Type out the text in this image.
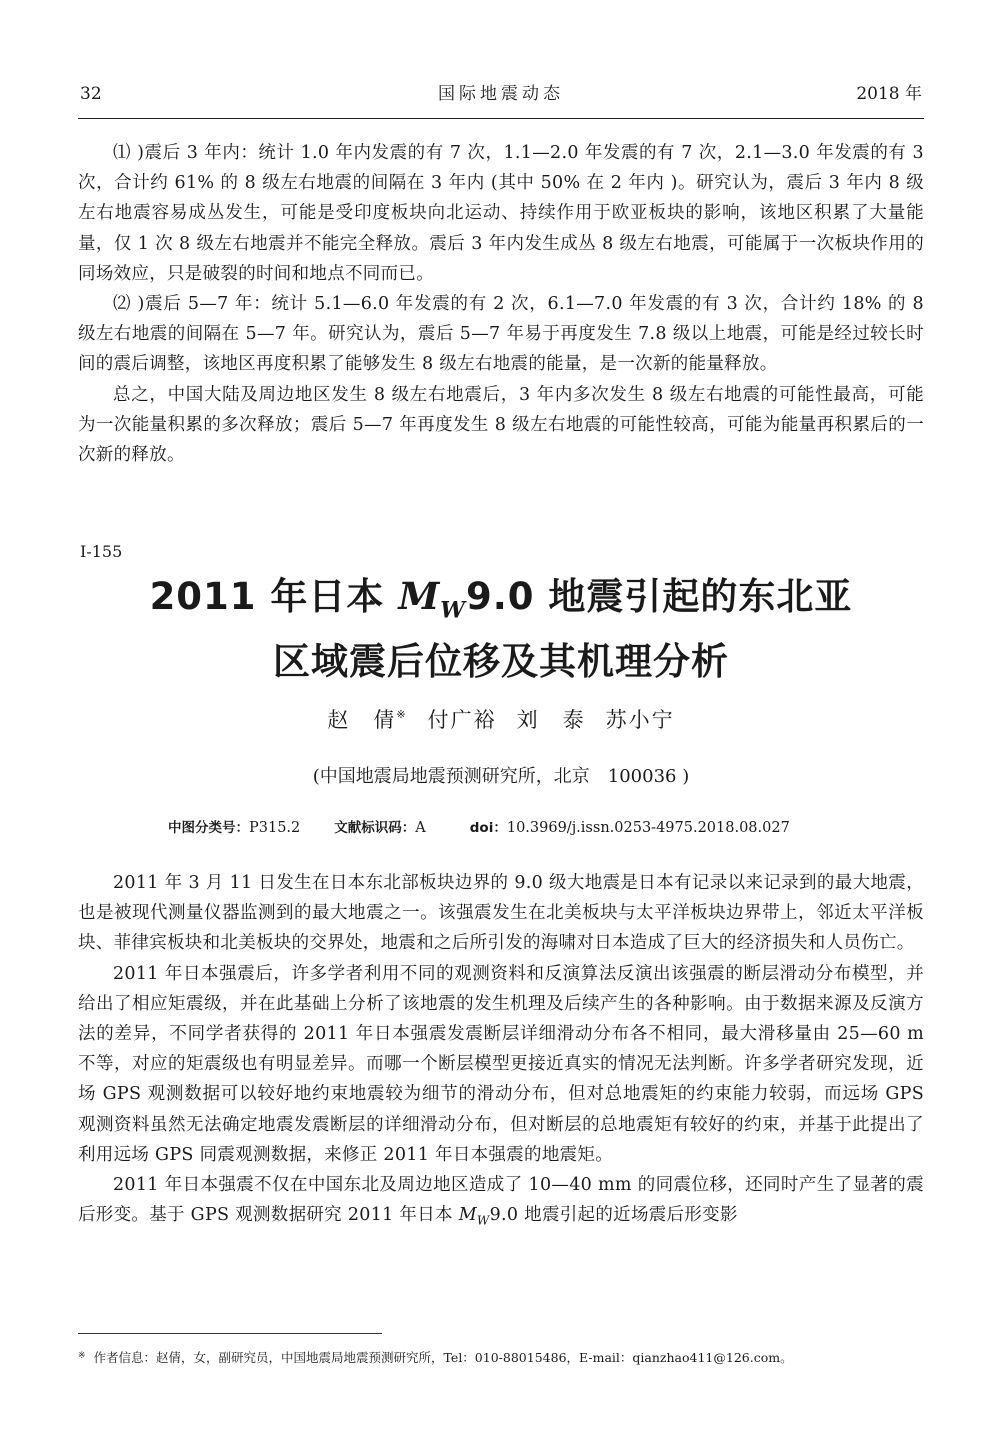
32	国际地震动态	2018 年

⑴ )震后 3 年内：统计 1.0 年内发震的有 7 次，1.1—2.0 年发震的有 7 次，2.1—3.0 年发震的有 3 次，合计约 61% 的 8 级左右地震的间隔在 3 年内 (其中 50% 在 2 年内 )。研究认为，震后 3 年内 8 级左右地震容易成丛发生，可能是受印度板块向北运动、持续作用于欧亚板块的影响，该地区积累了大量能量，仅 1 次 8 级左右地震并不能完全释放。震后 3 年内发生成丛 8 级左右地震，可能属于一次板块作用的同场效应，只是破裂的时间和地点不同而已。

⑵ )震后 5—7 年：统计 5.1—6.0 年发震的有 2 次，6.1—7.0 年发震的有 3 次，合计约 18% 的 8 级左右地震的间隔在 5—7 年。研究认为，震后 5—7 年易于再度发生 7.8 级以上地震，可能是经过较长时间的震后调整，该地区再度积累了能够发生 8 级左右地震的能量，是一次新的能量释放。

总之，中国大陆及周边地区发生 8 级左右地震后，3 年内多次发生 8 级左右地震的可能性最高，可能为一次能量积累的多次释放；震后 5—7 年再度发生 8 级左右地震的可能性较高，可能为能量再积累后的一次新的释放。

Ⅰ-155
2011 年日本 $M_W9.0$ 地震引起的东北亚
区域震后位移及其机理分析
赵　倩※ 付广裕 刘　泰 苏小宁
(中国地震局地震预测研究所，北京　100036 )
中图分类号：P315.2	文献标识码：A	doi：10.3969/j.issn.0253-4975.2018.08.027

2011 年 3 月 11 日发生在日本东北部板块边界的 9.0 级大地震是日本有记录以来记录到的最大地震，也是被现代测量仪器监测到的最大地震之一。该强震发生在北美板块与太平洋板块边界带上，邻近太平洋板块、菲律宾板块和北美板块的交界处，地震和之后所引发的海啸对日本造成了巨大的经济损失和人员伤亡。

2011 年日本强震后，许多学者利用不同的观测资料和反演算法反演出该强震的断层滑动分布模型，并给出了相应矩震级，并在此基础上分析了该地震的发生机理及后续产生的各种影响。由于数据来源及反演方法的差异，不同学者获得的 2011 年日本强震发震断层详细滑动分布各不相同，最大滑移量由 25—60 m 不等，对应的矩震级也有明显差异。而哪一个断层模型更接近真实的情况无法判断。许多学者研究发现，近场 GPS 观测数据可以较好地约束地震较为细节的滑动分布，但对总地震矩的约束能力较弱，而远场 GPS 观测资料虽然无法确定地震发震断层的详细滑动分布，但对断层的总地震矩有较好的约束，并基于此提出了利用远场 GPS 同震观测数据，来修正 2011 年日本强震的地震矩。

2011 年日本强震不仅在中国东北及周边地区造成了 10—40 mm 的同震位移，还同时产生了显著的震后形变。基于 GPS 观测数据研究 2011 年日本 $M_W9.0$ 地震引起的近场震后形变影

※ 作者信息：赵倩，女，副研究员，中国地震局地震预测研究所，Tel：010-88015486，E-mail：qianzhao411@126.com。
